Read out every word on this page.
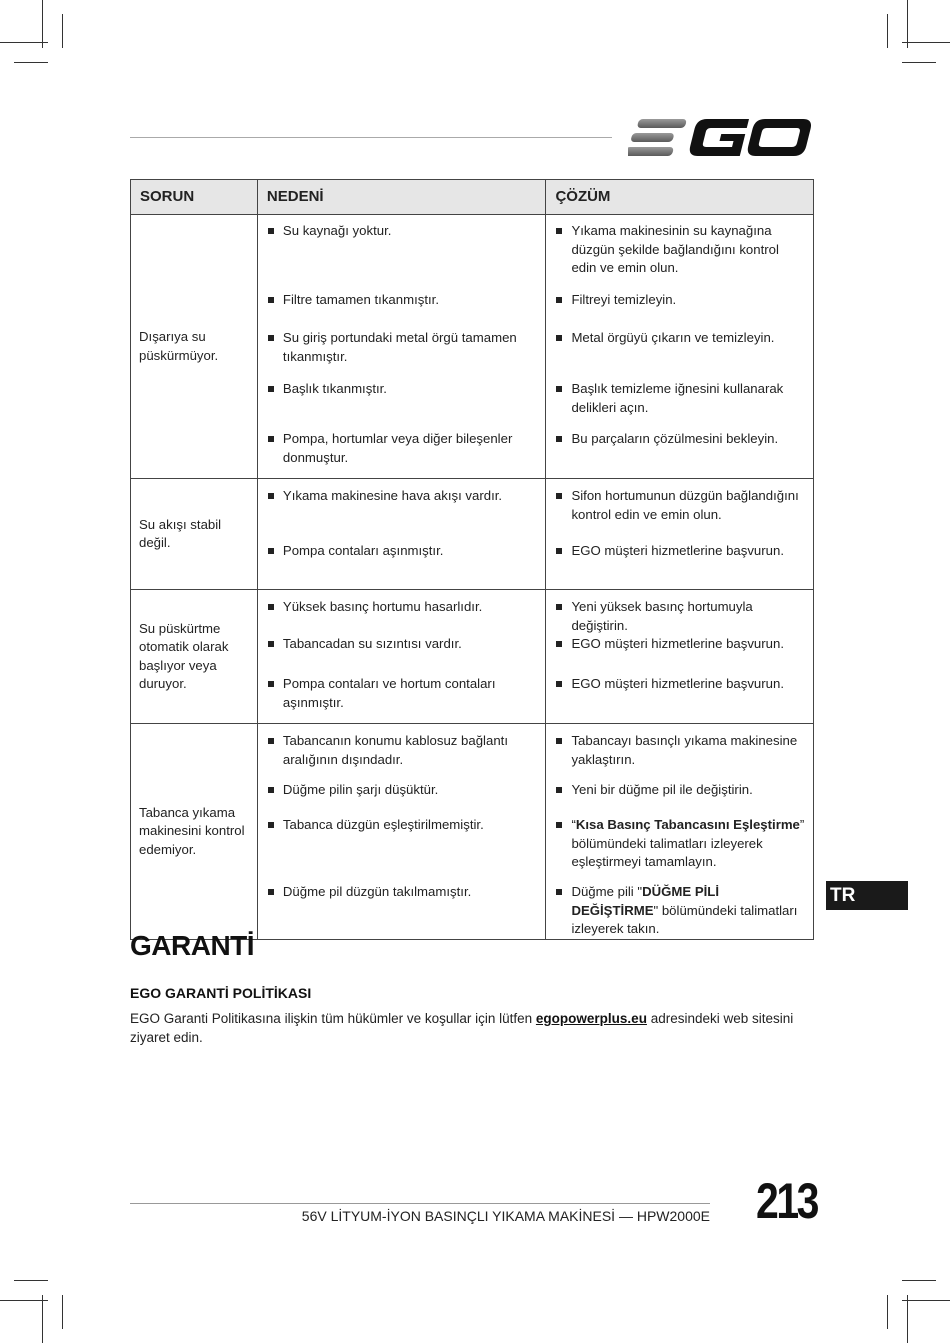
SORUN	NEDENİ	ÇÖZÜM
Dışarıya su püskürmüyor.	Su kaynağı yoktur.	Yıkama makinesinin su kaynağına düzgün şekilde bağlandığını kontrol edin ve emin olun.

	Filtre tamamen tıkanmıştır.	Filtreyi temizleyin.

	Su giriş portundaki metal örgü tamamen tıkanmıştır.	Metal örgüyü çıkarın ve temizleyin.

	Başlık tıkanmıştır.	Başlık temizleme iğnesini kullanarak delikleri açın.

	Pompa, hortumlar veya diğer bileşenler donmuştur.	Bu parçaların çözülmesini bekleyin.

Su akışı stabil değil.	Yıkama makinesine hava akışı vardır.	Sifon hortumunun düzgün bağlandığını kontrol edin ve emin olun.

	Pompa contaları aşınmıştır.	EGO müşteri hizmetlerine başvurun.

Su püskürtme otomatik olarak başlıyor veya duruyor.	Yüksek basınç hortumu hasarlıdır.	Yeni yüksek basınç hortumuyla değiştirin.

	Tabancadan su sızıntısı vardır.	EGO müşteri hizmetlerine başvurun.

	Pompa contaları ve hortum contaları aşınmıştır.	EGO müşteri hizmetlerine başvurun.

Tabanca yıkama makinesini kontrol edemiyor.	Tabancanın konumu kablosuz bağlantı aralığının dışındadır.	Tabancayı basınçlı yıkama makinesine yaklaştırın.

	Düğme pilin şarjı düşüktür.	Yeni bir düğme pil ile değiştirin.

	Tabanca düzgün eşleştirilmemiştir.	“Kısa Basınç Tabancasını Eşleştirme” bölümündeki talimatları izleyerek eşleştirmeyi tamamlayın.

	Düğme pil düzgün takılmamıştır.	Düğme pili "DÜĞME PİLİ DEĞİŞTİRME" bölümündeki talimatları izleyerek takın.
TR
GARANTİ
EGO GARANTİ POLİTİKASI
EGO Garanti Politikasına ilişkin tüm hükümler ve koşullar için lütfen egopowerplus.eu adresindeki web sitesini ziyaret edin.
56V LİTYUM-İYON BASINÇLI YIKAMA MAKİNESİ — HPW2000E 213
